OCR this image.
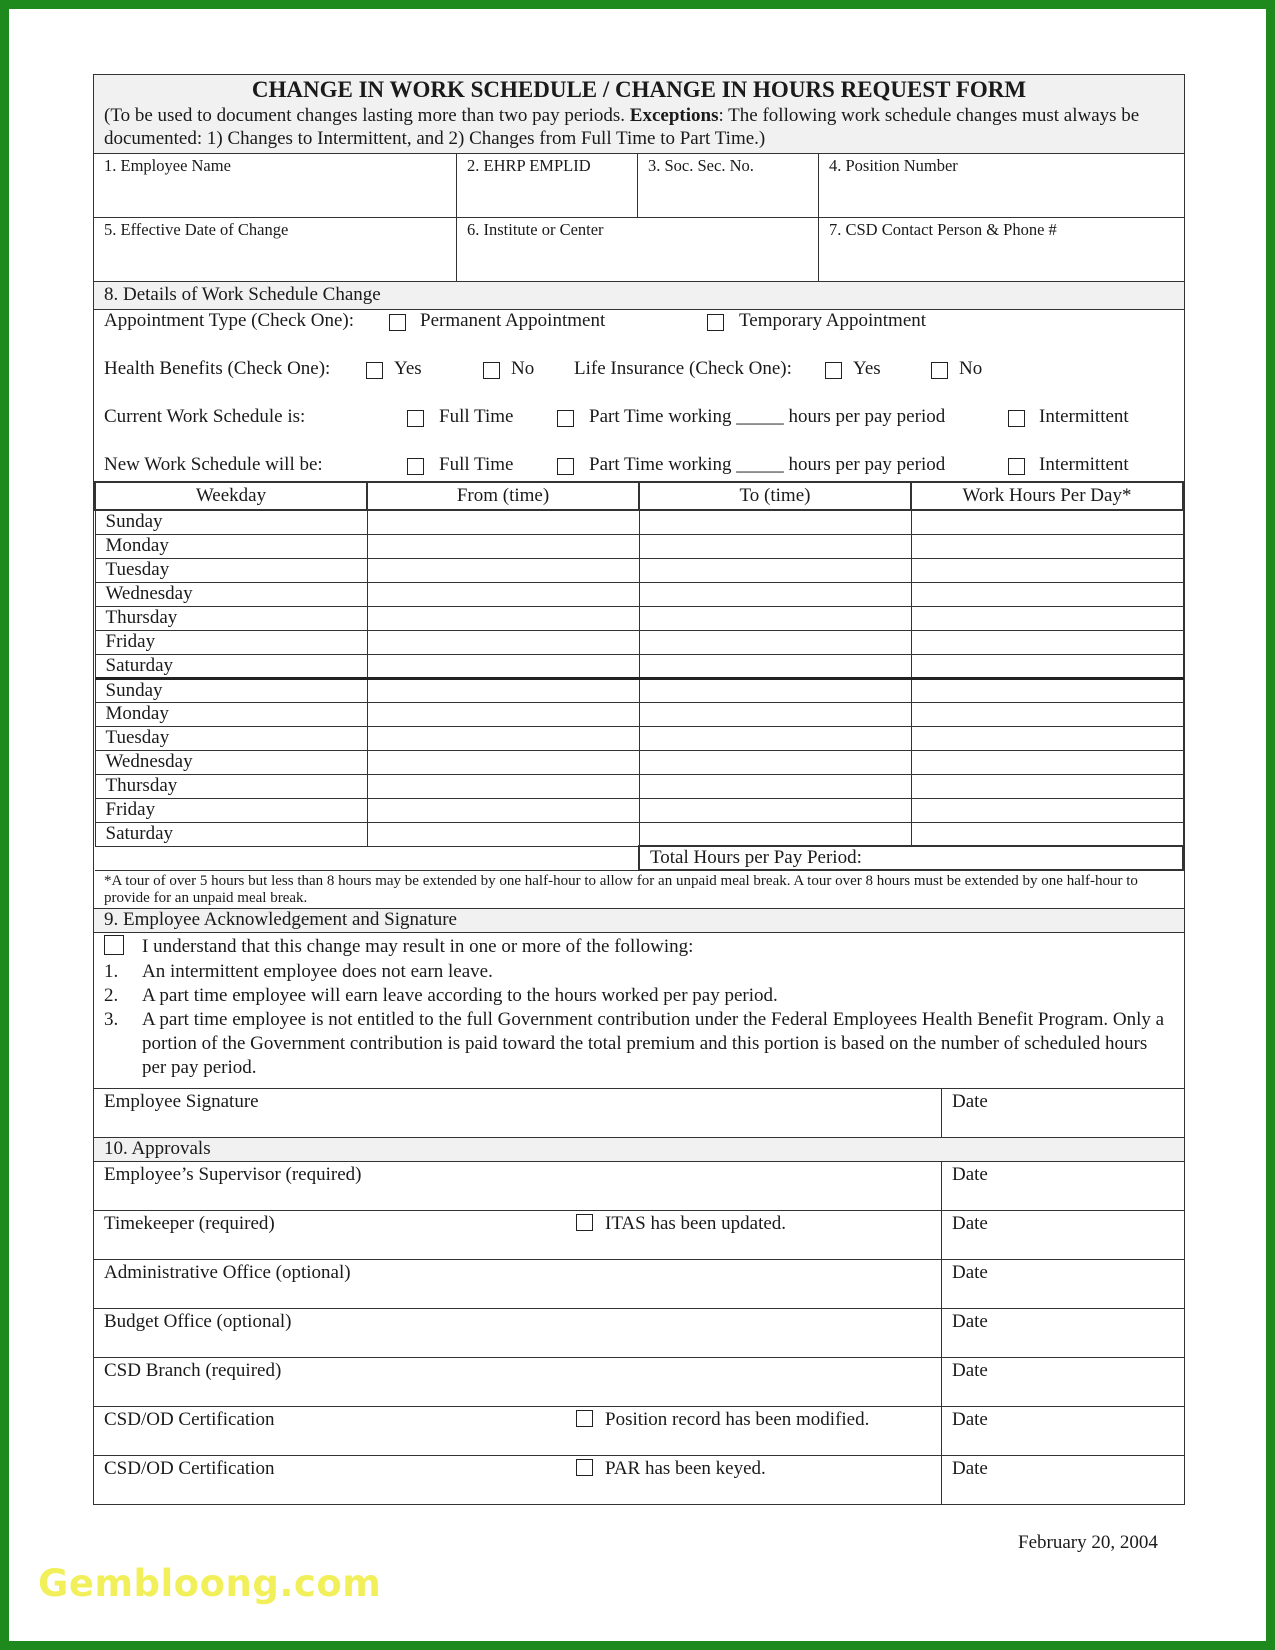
CHANGE IN WORK SCHEDULE / CHANGE IN HOURS REQUEST FORM
(To be used to document changes lasting more than two pay periods. Exceptions: The following work schedule changes must always be documented: 1) Changes to Intermittent, and 2) Changes from Full Time to Part Time.)
1. Employee Name	2. EHRP EMPLID	3. Soc. Sec. No.	4. Position Number
5. Effective Date of Change	6. Institute or Center	7. CSD Contact Person & Phone #
8. Details of Work Schedule Change
Appointment Type (Check One):	Permanent Appointment	Temporary Appointment
Health Benefits (Check One):	Yes	No Life Insurance (Check One):	Yes	No
Current Work Schedule is:	Full Time	Part Time working _____ hours per pay period	Intermittent
New Work Schedule will be:	Full Time	Part Time working _____ hours per pay period	Intermittent
Weekday	From (time)	To (time)	Work Hours Per Day*
Sunday			
Monday			
Tuesday			
Wednesday			
Thursday			
Friday			
Saturday			
Sunday			
Monday			
Tuesday			
Wednesday			
Thursday			
Friday			
Saturday			
		Total Hours per Pay Period:	
*A tour of over 5 hours but less than 8 hours may be extended by one half-hour to allow for an unpaid meal break. A tour over 8 hours must be extended by one half-hour to provide for an unpaid meal break.
9. Employee Acknowledgement and Signature
I understand that this change may result in one or more of the following:
1.	An intermittent employee does not earn leave.
2.	A part time employee will earn leave according to the hours worked per pay period.
3.	A part time employee is not entitled to the full Government contribution under the Federal Employees Health Benefit Program. Only a portion of the Government contribution is paid toward the total premium and this portion is based on the number of scheduled hours per pay period.
Employee Signature	Date
10. Approvals
Employee’s Supervisor (required)	Date
Timekeeper (required)	ITAS has been updated.	Date
Administrative Office (optional)	Date
Budget Office (optional)	Date
CSD Branch (required)	Date
CSD/OD Certification	Position record has been modified.	Date
CSD/OD Certification	PAR has been keyed.	Date
February 20, 2004
Gembloong.com
